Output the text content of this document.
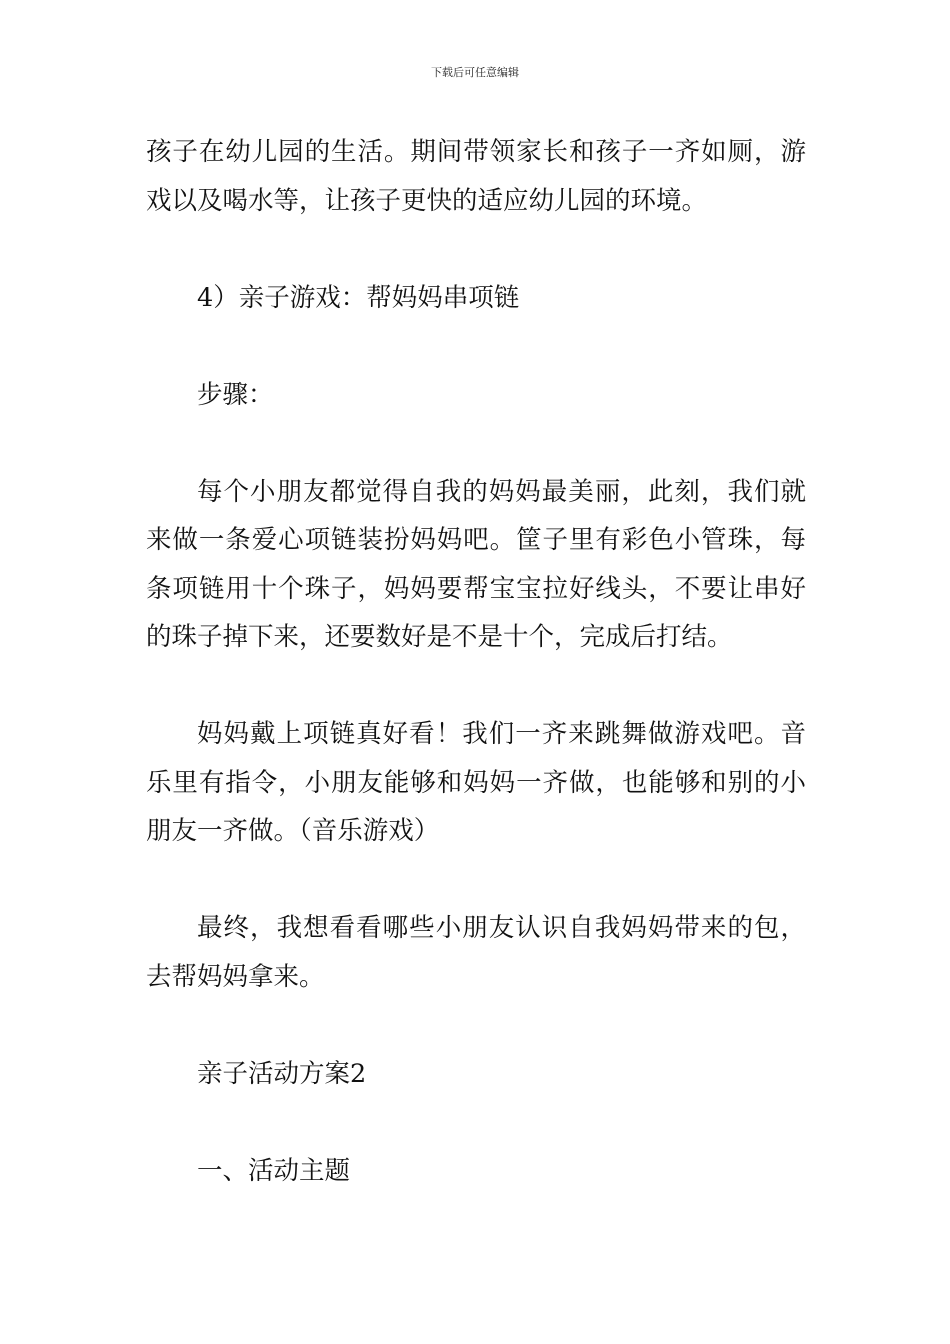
下载后可任意编辑

孩子在幼儿园的生活。期间带领家长和孩子一齐如厕，游戏以及喝水等，让孩子更快的适应幼儿园的环境。

4）亲子游戏：帮妈妈串项链

步骤：

每个小朋友都觉得自我的妈妈最美丽，此刻，我们就来做一条爱心项链装扮妈妈吧。筐子里有彩色小管珠，每条项链用十个珠子，妈妈要帮宝宝拉好线头，不要让串好的珠子掉下来，还要数好是不是十个，完成后打结。

妈妈戴上项链真好看！我们一齐来跳舞做游戏吧。音乐里有指令，小朋友能够和妈妈一齐做，也能够和别的小朋友一齐做。（音乐游戏）

最终，我想看看哪些小朋友认识自我妈妈带来的包，去帮妈妈拿来。

亲子活动方案2

一、活动主题
